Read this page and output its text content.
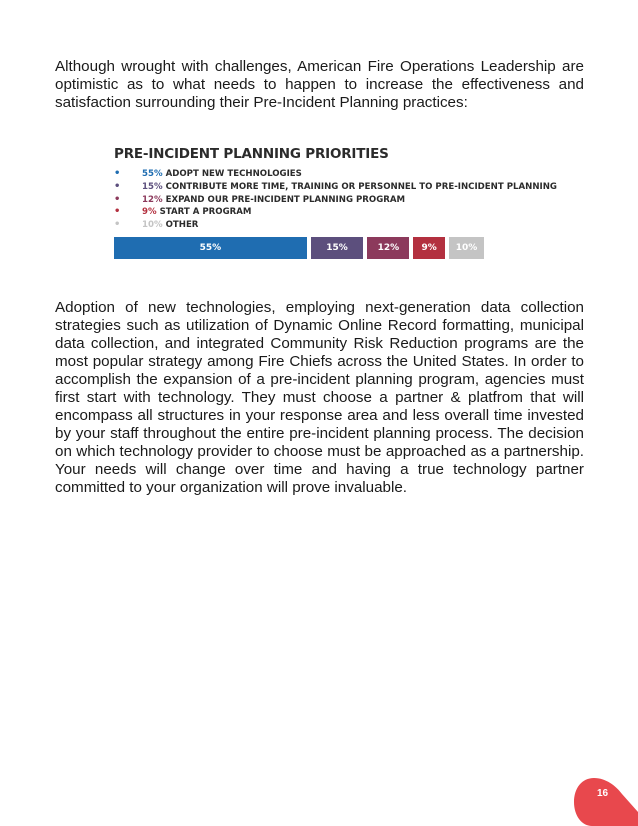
Although wrought with challenges, American Fire Operations Leadership are optimistic as to what needs to happen to increase the effectiveness and satisfaction surrounding their Pre-Incident Planning practices:

PRE-INCIDENT PLANNING PRIORITIES
•	55% ADOPT NEW TECHNOLOGIES
•	15% CONTRIBUTE MORE TIME, TRAINING OR PERSONNEL TO PRE-INCIDENT PLANNING
•	12% EXPAND OUR PRE-INCIDENT PLANNING PROGRAM
•	9% START A PROGRAM
•	10% OTHER
55%	15%	12%	9%	10%

Adoption of new technologies, employing next-generation data collection strategies such as utilization of Dynamic Online Record formatting, municipal data collection, and integrated Community Risk Reduction programs are the most popular strategy among Fire Chiefs across the United States. In order to accomplish the expansion of a pre-incident planning program, agencies must first start with technology. They must choose a partner & platfrom that will encompass all structures in your response area and less overall time invested by your staff throughout the entire pre-incident planning process. The decision on which technology provider to choose must be approached as a partnership. Your needs will change over time and having a true technology partner committed to your organization will prove invaluable.

16
